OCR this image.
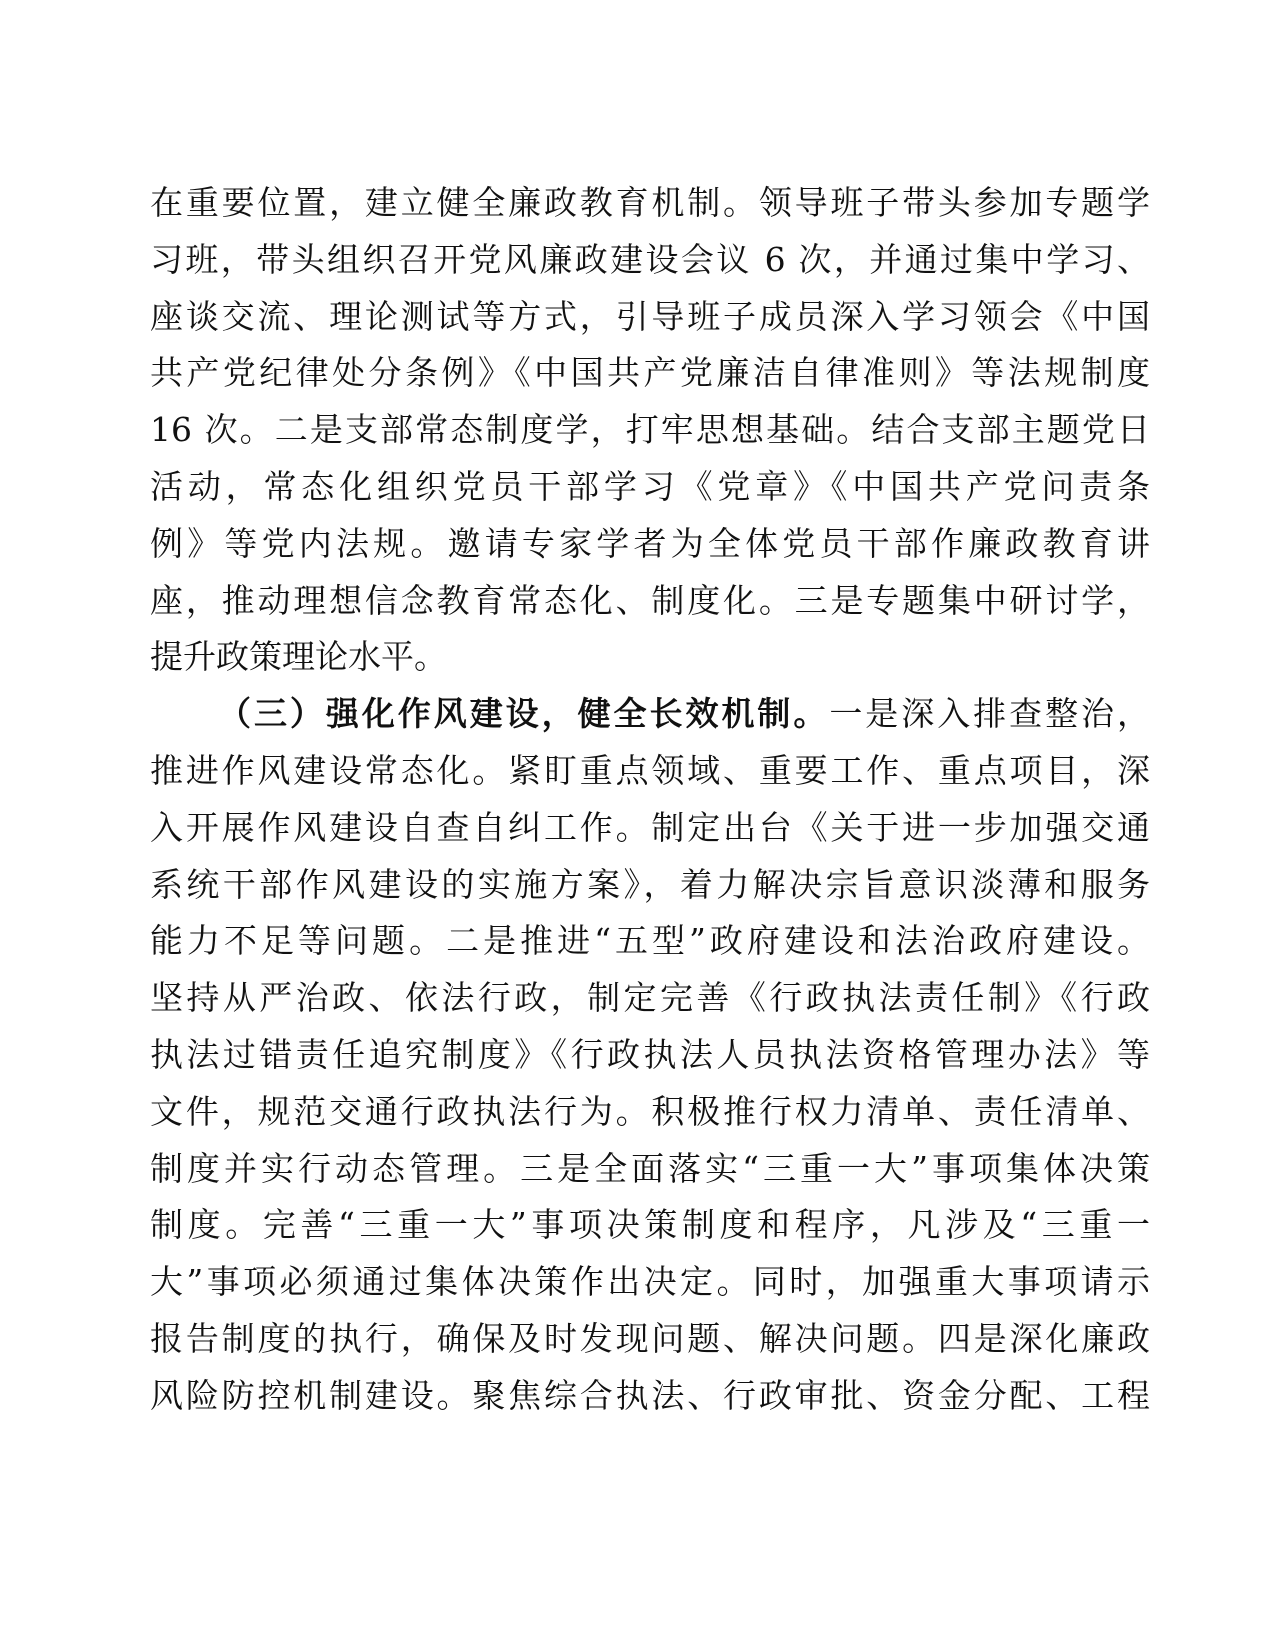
在重要位置，建立健全廉政教育机制。领导班子带头参加专题学
习班，带头组织召开党风廉政建设会议 6 次，并通过集中学习、
座谈交流、理论测试等方式，引导班子成员深入学习领会《中国
共产党纪律处分条例》《中国共产党廉洁自律准则》等法规制度
16 次。二是支部常态制度学，打牢思想基础。结合支部主题党日
活动，常态化组织党员干部学习《党章》《中国共产党问责条
例》等党内法规。邀请专家学者为全体党员干部作廉政教育讲
座，推动理想信念教育常态化、制度化。三是专题集中研讨学，
提升政策理论水平。
（三）强化作风建设，健全长效机制。一是深入排查整治，
推进作风建设常态化。紧盯重点领域、重要工作、重点项目，深
入开展作风建设自查自纠工作。制定出台《关于进一步加强交通
系统干部作风建设的实施方案》，着力解决宗旨意识淡薄和服务
能力不足等问题。二是推进“五型”政府建设和法治政府建设。
坚持从严治政、依法行政，制定完善《行政执法责任制》《行政
执法过错责任追究制度》《行政执法人员执法资格管理办法》等
文件，规范交通行政执法行为。积极推行权力清单、责任清单、
制度并实行动态管理。三是全面落实“三重一大”事项集体决策
制度。完善“三重一大”事项决策制度和程序，凡涉及“三重一
大”事项必须通过集体决策作出决定。同时，加强重大事项请示
报告制度的执行，确保及时发现问题、解决问题。四是深化廉政
风险防控机制建设。聚焦综合执法、行政审批、资金分配、工程
